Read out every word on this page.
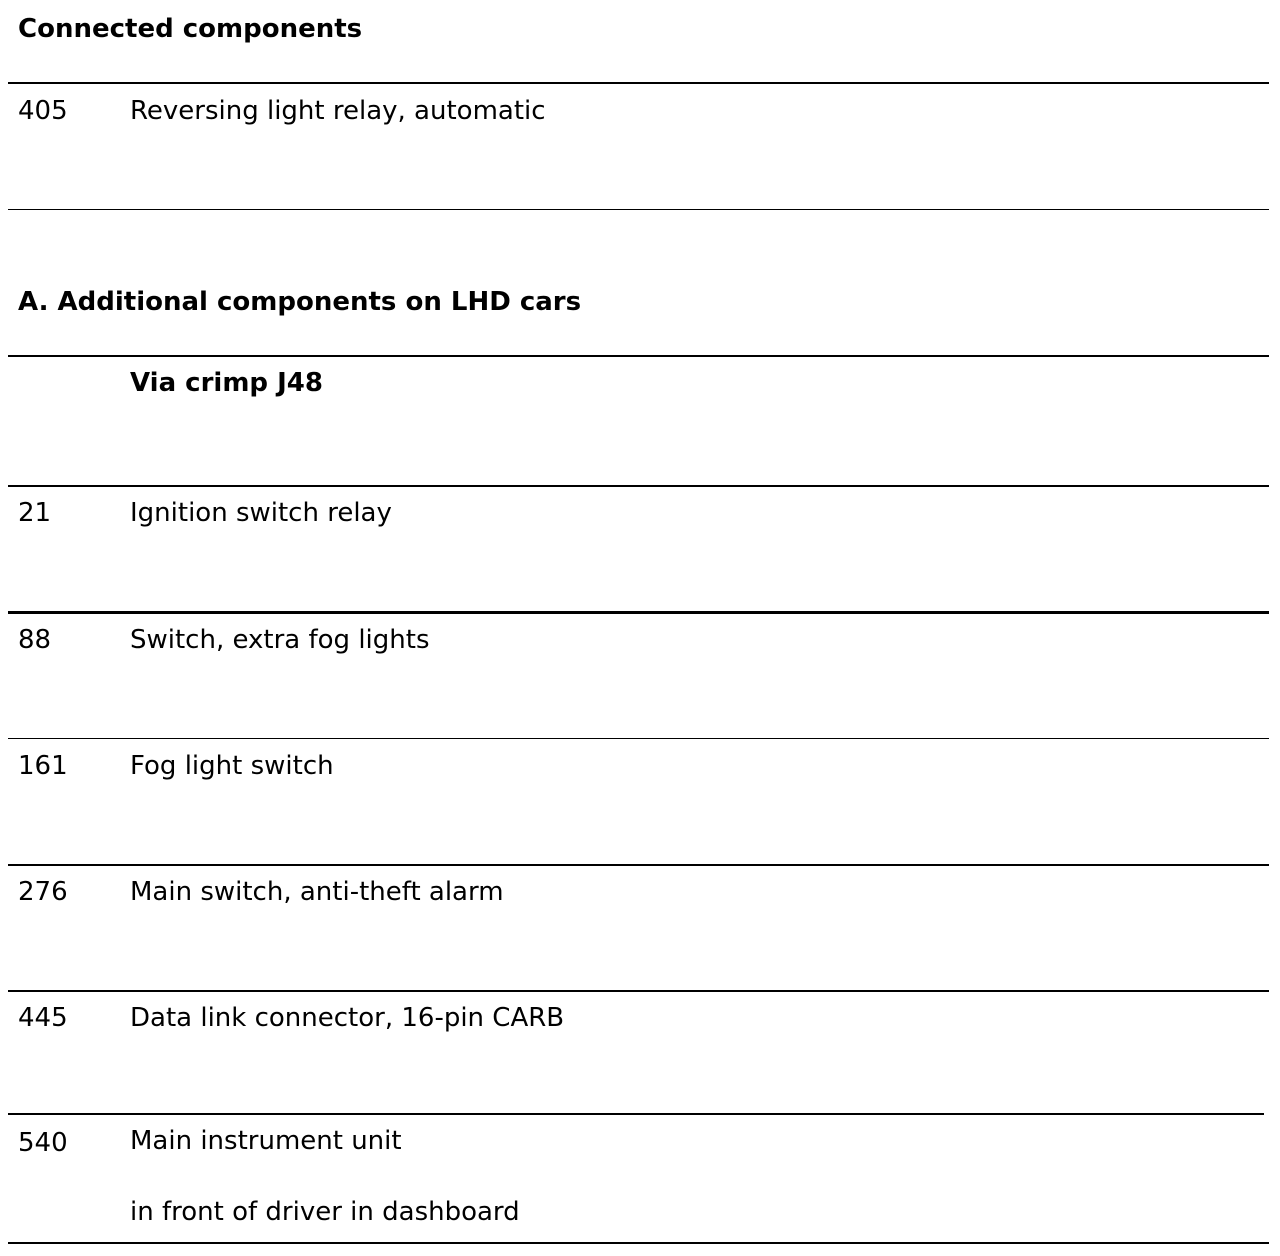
Connected components
405 Reversing light relay, automatic
A. Additional components on LHD cars
Via crimp J48
21	Ignition switch relay
88	Switch, extra fog lights
161 Fog light switch
276 Main switch, anti-theft alarm
445 Data link connector, 16-pin CARB
540 Main instrument unit
in front of driver in dashboard
